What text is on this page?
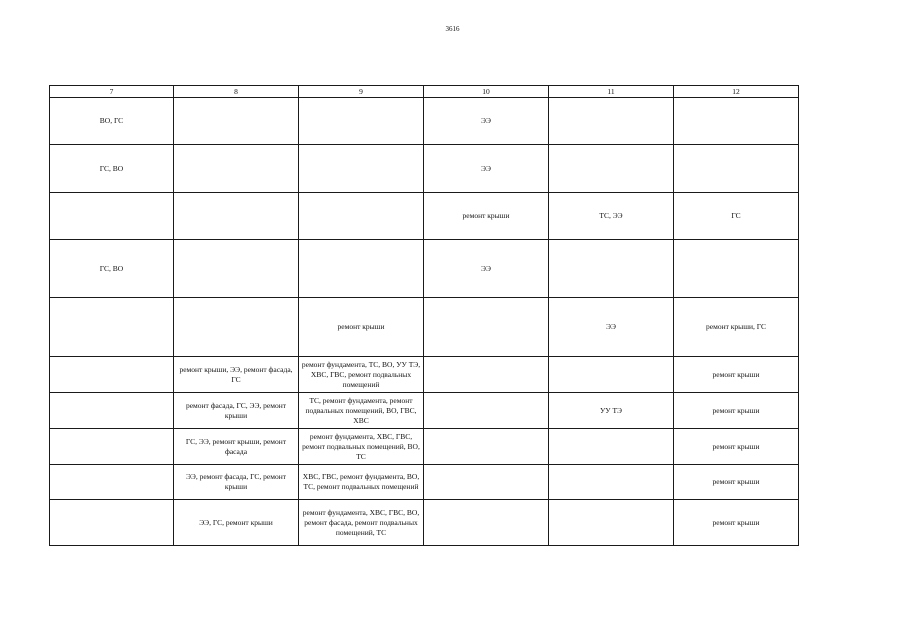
3616
7	8	9	10	11	12
ВО, ГС			ЭЭ		
ГС, ВО			ЭЭ		
			ремонт крыши	ТС, ЭЭ	ГС
ГС, ВО			ЭЭ		
		ремонт крыши		ЭЭ	ремонт крыши, ГС
	ремонт крыши, ЭЭ, ремонт фасада, ГС	ремонт фундамента, ТС, ВО, УУ ТЭ, ХВС, ГВС, ремонт подвальных помещений			ремонт крыши
	ремонт фасада, ГС, ЭЭ, ремонт крыши	ТС, ремонт фундамента, ремонт подвальных помещений, ВО, ГВС, ХВС		УУ ТЭ	ремонт крыши
	ГС, ЭЭ, ремонт крыши, ремонт фасада	ремонт фундамента, ХВС, ГВС, ремонт подвальных помещений, ВО, ТС			ремонт крыши
	ЭЭ, ремонт фасада, ГС, ремонт крыши	ХВС, ГВС, ремонт фундамента, ВО, ТС, ремонт подвальных помещений			ремонт крыши
	ЭЭ, ГС, ремонт крыши	ремонт фундамента, ХВС, ГВС, ВО, ремонт фасада, ремонт подвальных помещений, ТС			ремонт крыши
